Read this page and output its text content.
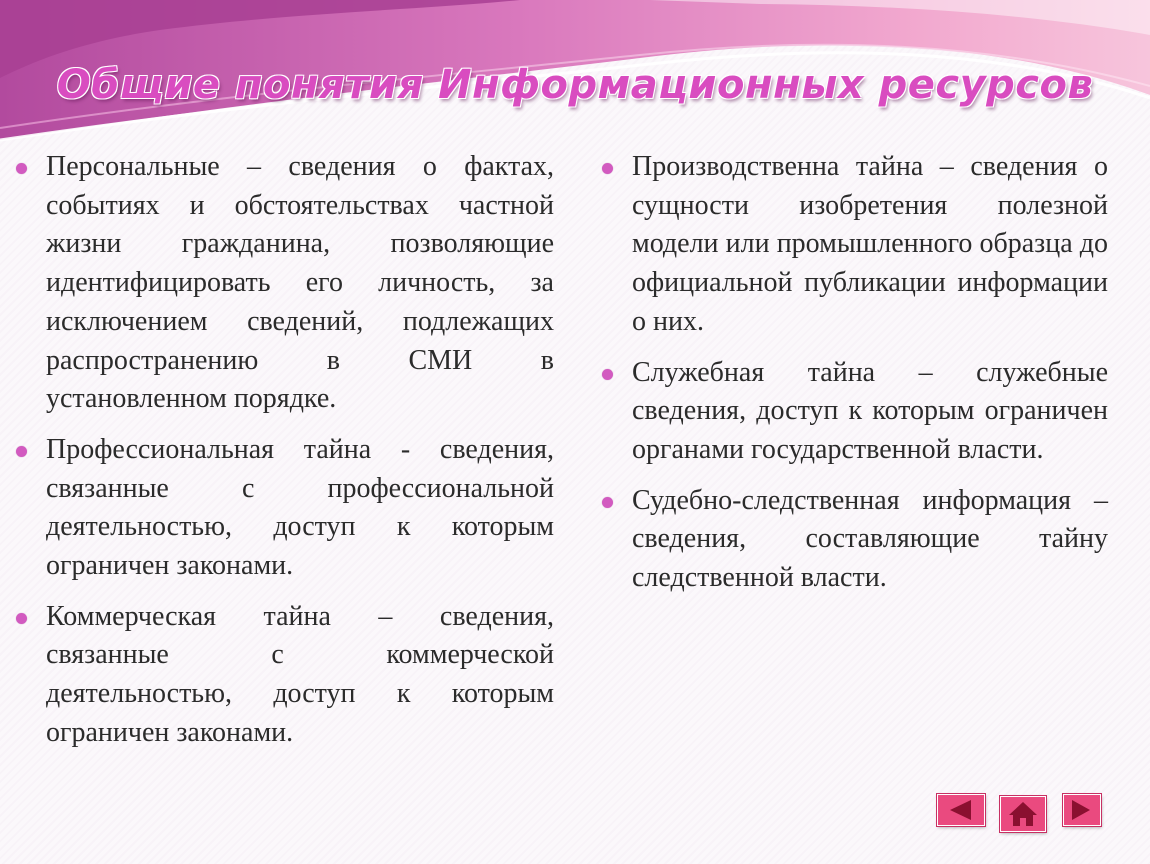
Общие понятия Информационных ресурсов
Персональные – сведения о фактах, событиях и обстоятельствах частной жизни гражданина, позволяющие идентифицировать его личность, за исключением сведений, подлежащих распространению в СМИ в установленном порядке.
Профессиональная тайна - сведения, связанные с профессиональной деятельностью, доступ к которым ограничен законами.
Коммерческая тайна – сведения, связанные с коммерческой деятельностью, доступ к которым ограничен законами.
Производственна тайна – сведения о сущности изобретения полезной модели или промышленного образца до официальной публикации информации о них.
Служебная тайна – служебные сведения, доступ к которым ограничен органами государственной власти.
Судебно-следственная информация – сведения, составляющие тайну следственной власти.
